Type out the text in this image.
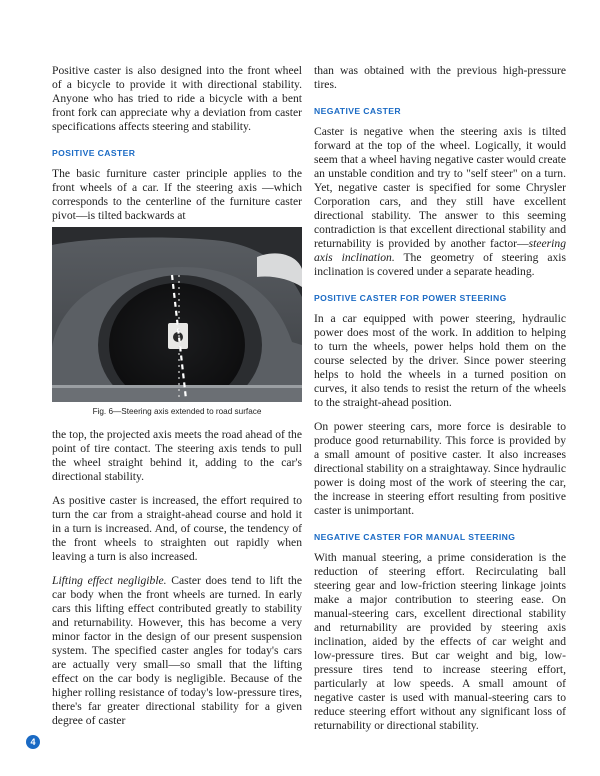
Positive caster is also designed into the front wheel of a bicycle to provide it with directional stability. Anyone who has tried to ride a bicycle with a bent front fork can appreciate why a deviation from caster specifications affects steering and stability.

POSITIVE CASTER

The basic furniture caster principle applies to the front wheels of a car. If the steering axis —which corresponds to the centerline of the furniture caster pivot—is tilted backwards at

Fig. 6—Steering axis extended to road surface

the top, the projected axis meets the road ahead of the point of tire contact. The steering axis tends to pull the wheel straight behind it, adding to the car's directional stability.

As positive caster is increased, the effort required to turn the car from a straight-ahead course and hold it in a turn is increased. And, of course, the tendency of the front wheels to straighten out rapidly when leaving a turn is also increased.

Lifting effect negligible. Caster does tend to lift the car body when the front wheels are turned. In early cars this lifting effect contributed greatly to stability and returnability. However, this has become a very minor factor in the design of our present suspension system. The specified caster angles for today's cars are actually very small—so small that the lifting effect on the car body is negligible. Because of the higher rolling resistance of today's low-pressure tires, there's far greater directional stability for a given degree of caster

than was obtained with the previous high-pressure tires.

NEGATIVE CASTER

Caster is negative when the steering axis is tilted forward at the top of the wheel. Logically, it would seem that a wheel having negative caster would create an unstable condition and try to "self steer" on a turn. Yet, negative caster is specified for some Chrysler Corporation cars, and they still have excellent directional stability. The answer to this seeming contradiction is that excellent directional stability and returnability is provided by another factor—steering axis inclination. The geometry of steering axis inclination is covered under a separate heading.

POSITIVE CASTER FOR POWER STEERING

In a car equipped with power steering, hydraulic power does most of the work. In addition to helping to turn the wheels, power helps hold them on the course selected by the driver. Since power steering helps to hold the wheels in a turned position on curves, it also tends to resist the return of the wheels to the straight-ahead position.

On power steering cars, more force is desirable to produce good returnability. This force is provided by a small amount of positive caster. It also increases directional stability on a straightaway. Since hydraulic power is doing most of the work of steering the car, the increase in steering effort resulting from positive caster is unimportant.

NEGATIVE CASTER FOR MANUAL STEERING

With manual steering, a prime consideration is the reduction of steering effort. Recirculating ball steering gear and low-friction steering linkage joints make a major contribution to steering ease. On manual-steering cars, excellent directional stability and returnability are provided by steering axis inclination, aided by the effects of car weight and low-pressure tires. But car weight and big, low-pressure tires tend to increase steering effort, particularly at low speeds. A small amount of negative caster is used with manual-steering cars to reduce steering effort without any significant loss of returnability or directional stability.

4
